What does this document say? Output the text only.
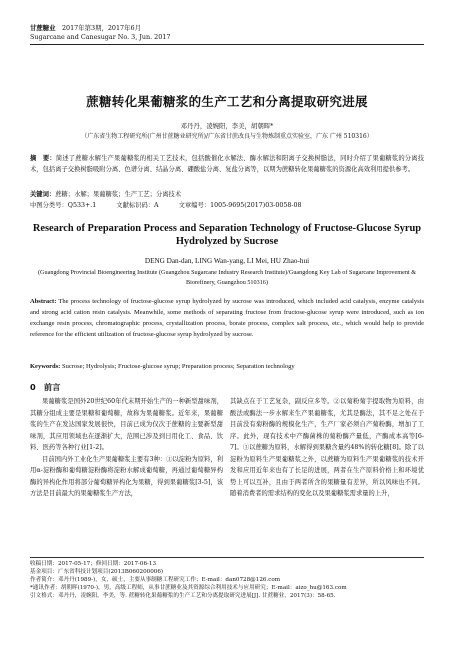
甘蔗糖业　 2017年第3期，2017年6月
Sugarcane and Canesugar No. 3, Jun. 2017
蔗糖转化果葡糖浆的生产工艺和分离提取研究进展
邓丹丹，凌婉阳，李美，胡朝晖*
（广东省生物工程研究所(广州甘蔗糖业研究所)/广东省甘蔗改良与生物炼制重点实验室，广东 广州 510316）
摘　要：简述了蔗糖水解生产果葡糖浆的相关工艺技术，包括酸催化水解法、酶水解法和阳离子交换树脂法，同时介绍了果葡糖浆的分离技术，包括离子交换树脂吸附分离、色谱分离、结晶分离、硼酸盐分离、复盐分离等，以期为蔗糖转化果葡糖浆的资源化高效利用提供参考。
关键词：蔗糖；水解；果葡糖浆；生产工艺；分离技术
中图分类号：Q533+.1	文献标识码：A	文章编号：1005-9695(2017)03-0058-08
Research of Preparation Process and Separation Technology of Fructose-Glucose Syrup Hydrolyzed by Sucrose
DENG Dan-dan, LING Wan-yang, LI Mei, HU Zhao-hui
(Guangdong Provincial Bioengineering Institute (Guangzhou Sugarcane Industry Research Institute)/Guangdong Key Lab of Sugarcane Improvement & Biorefinery, Guangzhou 510316)
Abstract: The process technology of fructose-glucose syrup hydrolyzed by sucrose was introduced, which included acid catalysis, enzyme catalysis and strong acid cation resin catalysis. Meanwhile, some methods of separating fructose from fructose-glucose syrup were introduced, such as ion exchange resin process, chromatographic process, crystallization process, borate process, complex salt process, etc., which would help to provide reference for the efficient utilization of fructose-glucose syrup hydrolyzed by sucrose.
Keywords: Sucrose; Hydrolysis; Fructose-glucose syrup; Preparation process; Separation technology
0　前言

果葡糖浆是国外20世纪60年代末期开始生产的一种新型甜味剂，其糖分组成主要是果糖和葡萄糖，故称为果葡糖浆。近年来，果葡糖浆的生产在发达国家发展很快，目前已成为仅次于蔗糖的主要新型甜味剂，其应用领域也在逐渐扩大，范围已涉及到日用化工、食品、饮料、医药等各种行业[1-2]。

目前国内外工业化生产果葡糖浆主要有3种：①以淀粉为原料，利用α-淀粉酶和葡萄糖淀粉酶将淀粉水解成葡萄糖，再通过葡萄糖异构酶的异构化作用将部分葡萄糖异构化为果糖，得到果葡糖浆[3-5]，该方法是目前最大的果葡糖浆生产方法，

其缺点在于工艺复杂，副反应多等。②以菊粉菊芋提取物为原料，由酸法或酶法一步水解来生产果葡糖浆，尤其是酶法，其不足之处在于目前没有菊粉酶的规模化生产，生产厂家必须自产菊粉酶，增加了工序。此外，现有技术中产酶菌株的菊粉酶产量低，产酶成本高等[6-7]。③以蔗糖为原料，水解得到果糖含量约48%的转化糖[8]。除了以淀粉为原料生产果葡糖浆之外，以蔗糖为原料生产果葡糖浆的技术开发和应用近年来也有了长足的进展，两者在生产原料价格上和环境优势上可以互补，且由于两者所含的果糖量有差异，所以风味也不同。随着消费者的需求结构的变化以及果葡糖浆需求量的上升，

收稿日期：2017-05-17；修回日期：2017-06-13
基金项目：广东省科技计划项目(2013B060200006)
作者简介：邓丹丹(1989-)，女，硕士，主要从事制糖工程研究工作；E-mail：dan0728@126.com
*通讯作者：胡朝晖(1970-)，男，高级工程师，从事甘蔗糖业及其资源综合利用技术与应用研究；E-mail：aizo_hu@163.com
引文格式：邓丹丹，凌婉阳，李美，等. 蔗糖转化果葡糖浆的生产工艺和分离提取研究进展[J]. 甘蔗糖业，2017(3)：58-65.
